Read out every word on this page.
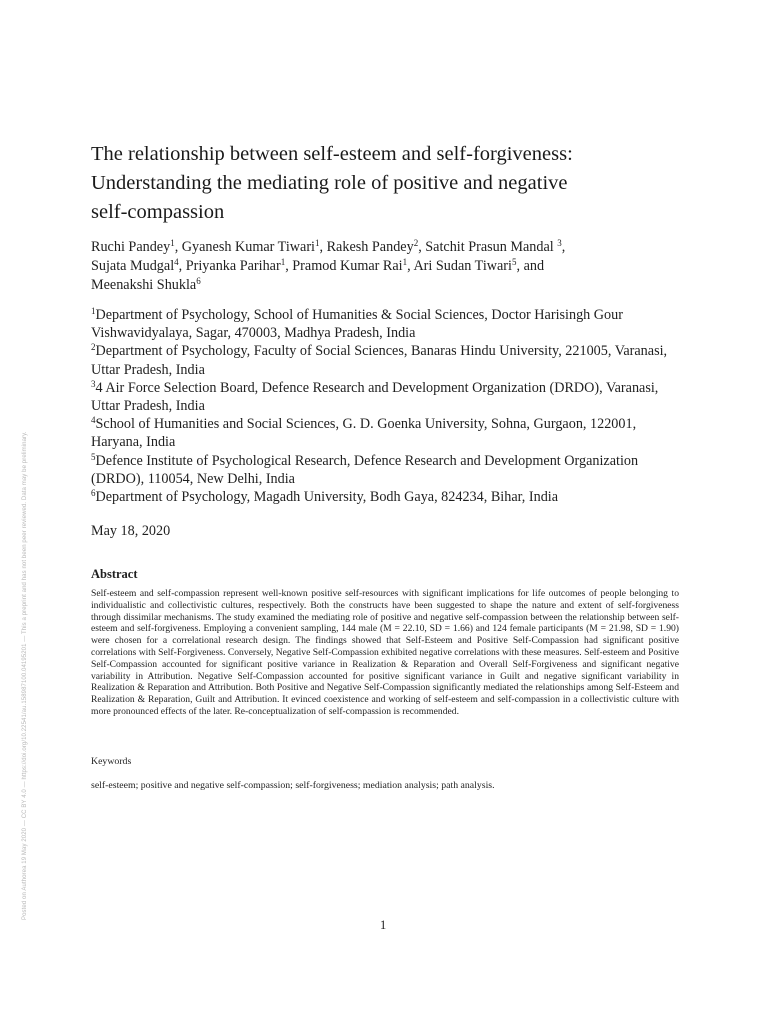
Posted on Authorea 19 May 2020 — CC BY 4.0 — https://doi.org/10.22541/au.158987100.04195201 — This a preprint and has not been peer reviewed. Data may be preliminary.
The relationship between self-esteem and self-forgiveness:
Understanding the mediating role of positive and negative
self-compassion
Ruchi Pandey$^1$, Gyanesh Kumar Tiwari$^1$, Rakesh Pandey$^2$, Satchit Prasun Mandal $^3$,
Sujata Mudgal$^4$, Priyanka Parihar$^1$, Pramod Kumar Rai$^1$, Ari Sudan Tiwari$^5$, and
Meenakshi Shukla$^6$

$^1$Department of Psychology, School of Humanities & Social Sciences, Doctor Harisingh Gour Vishwavidyalaya, Sagar, 470003, Madhya Pradesh, India

$^2$Department of Psychology, Faculty of Social Sciences, Banaras Hindu University, 221005, Varanasi, Uttar Pradesh, India

$^3$4 Air Force Selection Board, Defence Research and Development Organization (DRDO), Varanasi, Uttar Pradesh, India

$^4$School of Humanities and Social Sciences, G. D. Goenka University, Sohna, Gurgaon, 122001, Haryana, India

$^5$Defence Institute of Psychological Research, Defence Research and Development Organization (DRDO), 110054, New Delhi, India

$^6$Department of Psychology, Magadh University, Bodh Gaya, 824234, Bihar, India

May 18, 2020
Abstract

Self-esteem and self-compassion represent well-known positive self-resources with significant implications for life outcomes of people belonging to individualistic and collectivistic cultures, respectively. Both the constructs have been suggested to shape the nature and extent of self-forgiveness through dissimilar mechanisms. The study examined the mediating role of positive and negative self-compassion between the relationship between self-esteem and self-forgiveness. Employing a convenient sampling, 144 male (M = 22.10, SD = 1.66) and 124 female participants (M = 21.98, SD = 1.90) were chosen for a correlational research design. The findings showed that Self-Esteem and Positive Self-Compassion had significant positive correlations with Self-Forgiveness. Conversely, Negative Self-Compassion exhibited negative correlations with these measures. Self-esteem and Positive Self-Compassion accounted for significant positive variance in Realization & Reparation and Overall Self-Forgiveness and significant negative variability in Attribution. Negative Self-Compassion accounted for positive significant variance in Guilt and negative significant variability in Realization & Reparation and Attribution. Both Positive and Negative Self-Compassion significantly mediated the relationships among Self-Esteem and Realization & Reparation, Guilt and Attribution. It evinced coexistence and working of self-esteem and self-compassion in a collectivistic culture with more pronounced effects of the later. Re-conceptualization of self-compassion is recommended.

Keywords
self-esteem; positive and negative self-compassion; self-forgiveness; mediation analysis; path analysis.
1
